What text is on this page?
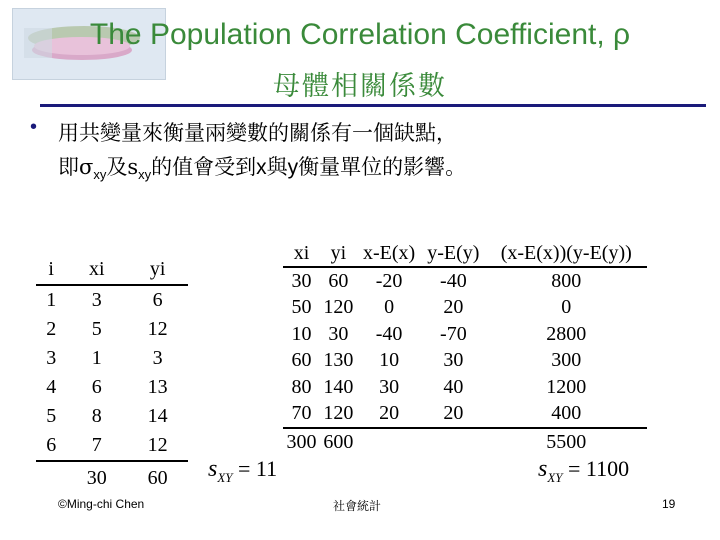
The Population Correlation Coefficient, ρ
母體相關係數
• 用共變量來衡量兩變數的關係有一個缺點，
即$\sigma_{xy}$及$s_{xy}$的值會受到x與y衡量單位的影響。
i	xi	yi
1	3	6
2	5	12
3	1	3
4	6	13
5	8	14
6	7	12
	30	60
xi	yi	x-E(x)	y-E(y)	(x-E(x))(y-E(y))
30	60	-20	-40	800
50	120	0	20	0
10	30	-40	-70	2800
60	130	10	30	300
80	140	30	40	1200
70	120	20	20	400
300	600			5500
$s_{XY} = 11$	$s_{XY} = 1100$
©Ming-chi Chen	社會統計	19
